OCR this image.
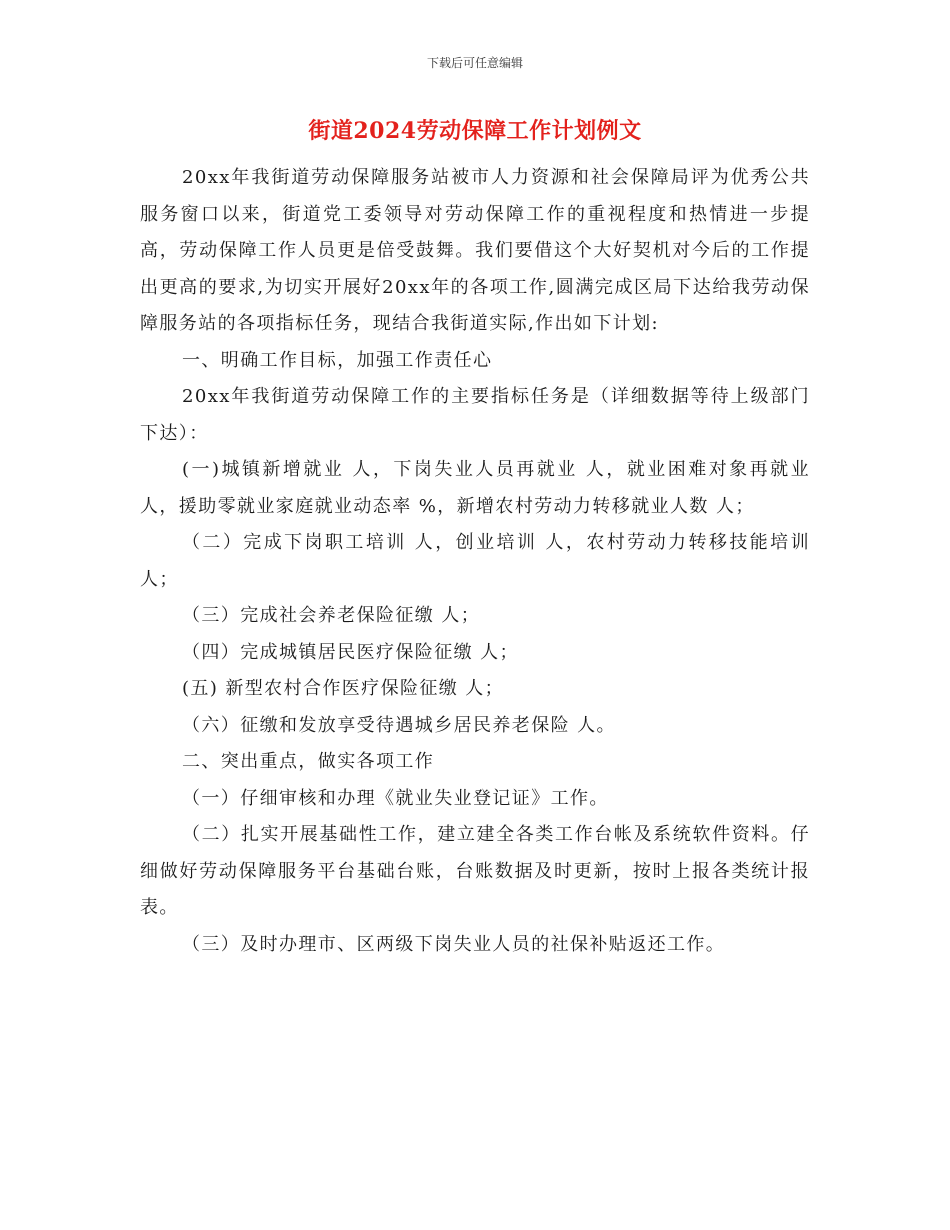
下载后可任意编辑
街道2024劳动保障工作计划例文

20xx年我街道劳动保障服务站被市人力资源和社会保障局评为优秀公共服务窗口以来，街道党工委领导对劳动保障工作的重视程度和热情进一步提高，劳动保障工作人员更是倍受鼓舞。我们要借这个大好契机对今后的工作提出更高的要求,为切实开展好20xx年的各项工作,圆满完成区局下达给我劳动保障服务站的各项指标任务，现结合我街道实际,作出如下计划:

一、明确工作目标，加强工作责任心

20xx年我街道劳动保障工作的主要指标任务是（详细数据等待上级部门下达）：

(一)城镇新增就业 人，下岗失业人员再就业 人，就业困难对象再就业 人，援助零就业家庭就业动态率 %，新增农村劳动力转移就业人数 人；

（二）完成下岗职工培训 人，创业培训 人，农村劳动力转移技能培训 人；

（三）完成社会养老保险征缴 人；

（四）完成城镇居民医疗保险征缴 人；

(五) 新型农村合作医疗保险征缴 人；

（六）征缴和发放享受待遇城乡居民养老保险 人。

二、突出重点，做实各项工作

（一）仔细审核和办理《就业失业登记证》工作。

（二）扎实开展基础性工作，建立建全各类工作台帐及系统软件资料。仔细做好劳动保障服务平台基础台账，台账数据及时更新，按时上报各类统计报表。

（三）及时办理市、区两级下岗失业人员的社保补贴返还工作。
